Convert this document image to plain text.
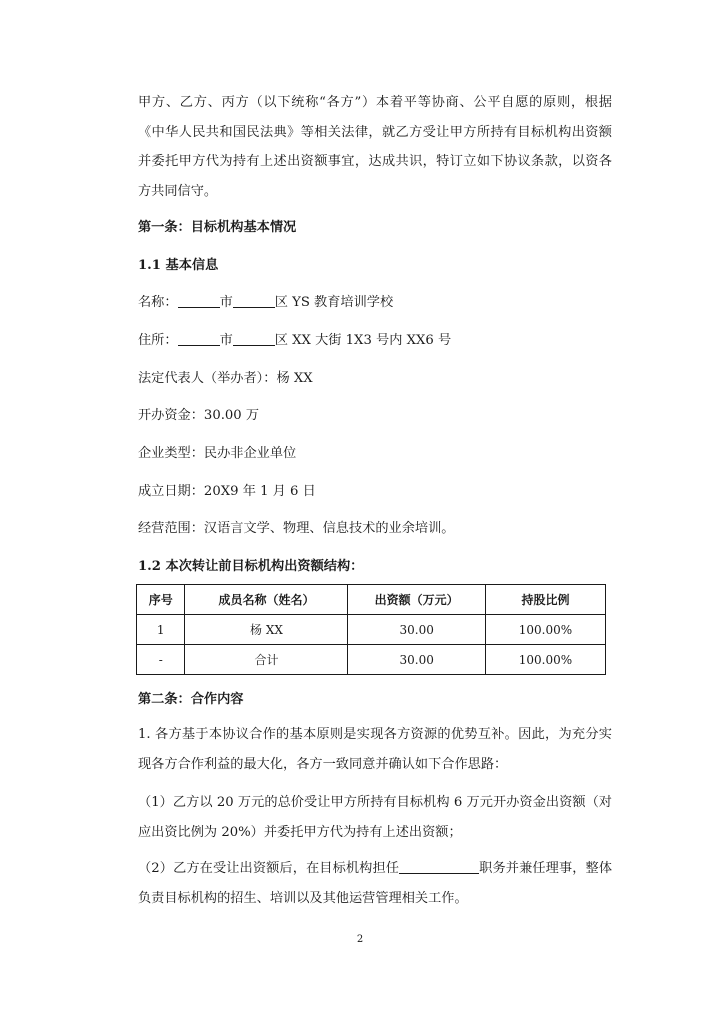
甲方、乙方、丙方（以下统称“各方”）本着平等协商、公平自愿的原则，根据《中华人民共和国民法典》等相关法律，就乙方受让甲方所持有目标机构出资额并委托甲方代为持有上述出资额事宜，达成共识，特订立如下协议条款，以资各方共同信守。
第一条：目标机构基本情况
1.1 基本信息
名称：	市	区 YS 教育培训学校
住所：	市	区 XX 大街 1X3 号内 XX6 号
法定代表人（举办者）：杨 XX
开办资金：30.00 万
企业类型：民办非企业单位
成立日期：20X9 年 1 月 6 日
经营范围：汉语言文学、物理、信息技术的业余培训。
1.2 本次转让前目标机构出资额结构：
序号	成员名称（姓名）	出资额（万元）	持股比例
1	杨 XX	30.00	100.00%
-	合计	30.00	100.00%
第二条：合作内容
1. 各方基于本协议合作的基本原则是实现各方资源的优势互补。因此，为充分实现各方合作利益的最大化，各方一致同意并确认如下合作思路：
（1）乙方以 20 万元的总价受让甲方所持有目标机构 6 万元开办资金出资额（对应出资比例为 20%）并委托甲方代为持有上述出资额；
（2）乙方在受让出资额后，在目标机构担任	职务并兼任理事，整体负责目标机构的招生、培训以及其他运营管理相关工作。
2
